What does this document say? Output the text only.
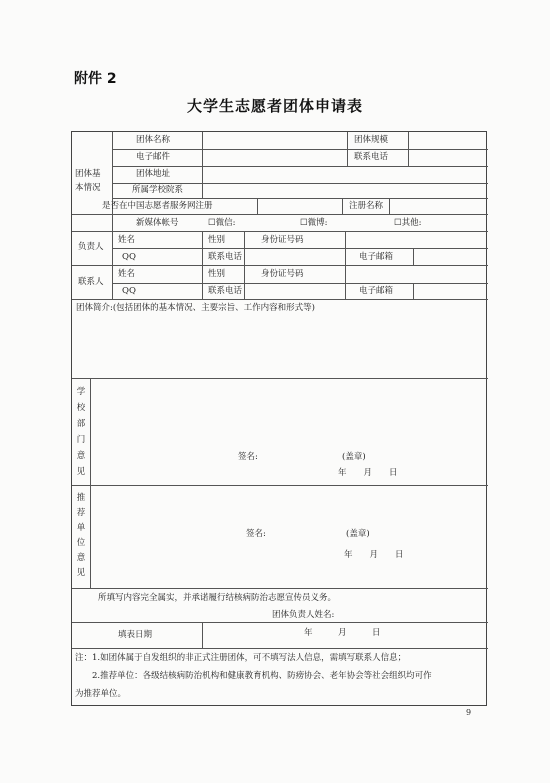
附件 2
大学生志愿者团体申请表
团体基本情况
团体名称	团体规模
电子邮件	联系电话
团体地址
所属学校院系
是否在中国志愿者服务网注册	注册名称
新媒体帐号	☐微信:	☐微博:	☐其他:
负责人
姓名	性别	身份证号码
QQ	联系电话	电子邮箱
联系人
姓名	性别	身份证号码
QQ	联系电话	电子邮箱
团体简介:(包括团体的基本情况、主要宗旨、工作内容和形式等)
学校部门意见
签名:	(盖章)
年　　月　　日
推荐单位意见
签名:	(盖章)
年　　月　　日
所填写内容完全属实，并承诺履行结核病防治志愿宣传员义务。
团体负责人姓名:
填表日期	年　　　月　　　日
注：1.如团体属于自发组织的非正式注册团体，可不填写法人信息，需填写联系人信息；
　　2.推荐单位：各级结核病防治机构和健康教育机构、防痨协会、老年协会等社会组织均可作
为推荐单位。
9
